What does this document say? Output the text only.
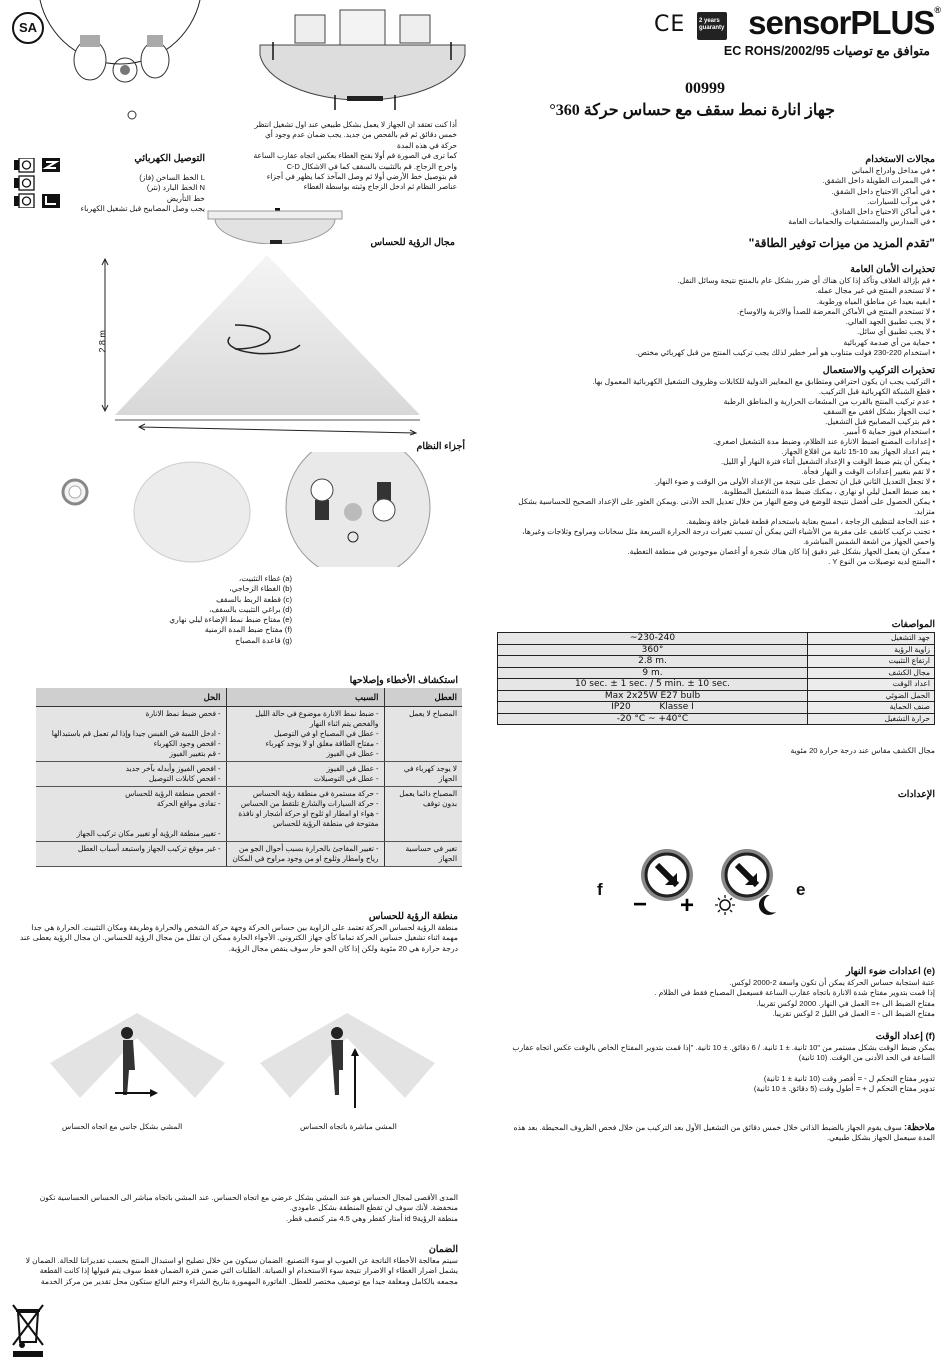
SA	CE	2 years guaranty sensorPLUS®
متوافق مع توصيات 2002/95/EC ROHS
00999
جهاز انارة نمط سقف مع حساس حركة 360°
مجالات الاستخدام
• في مداخل وادراج المباني
• في الممرات الطويلة داخل الشقق.
• في أماكن الاحتياج داخل الشقق.
• في مرآب للسيارات.
• في أماكن الاحتياج داخل الفنادق.
• في المدارس والمستشفيات والحمامات العامة
"تقدم المزيد من ميزات توفير الطاقة"
تحذيرات الأمان العامة
• قم بإزالة الغلاف وتأكد إذا كان هناك أي ضرر بشكل عام بالمنتج نتيجة وسائل النقل.
• لا تستخدم المنتج في غير مجال عمله.
• ابقيه بعيدا عن مناطق المياه ورطوبة.
• لا تستخدم المنتج في الأماكن المعرضة للصدأ والاتربة والاوساخ.
• لا يجب تطبيق الجهد العالي.
• لا يجب تطبيق أي سائل.
• حماية من أي صدمة كهربائية
• استخدام 220-230 فولت متناوب هو أمر خطير لذلك يجب تركيب المنتج من قبل كهربائي مختص.
تحذيرات التركيب والاستعمال
• التركيب يجب ان يكون احترافي ومتطابق مع المعايير الدولية للكابلات وظروف التشغيل الكهربائية المعمول بها.
• قطع الشبكة الكهربائية قبل التركيب.
• عدم تركيب المنتج بالقرب من المشعات الحرارية و المناطق الرطبة
• ثبت الجهاز بشكل افقي مع السقف
• قم بتركيب المصابيح قبل التشغيل.
• استخدام فيوز حماية 6 أمبير.
• إعدادات المصنع اضبط الانارة عند الظلام، وضبط مدة التشغيل اصغري.
• يتم اعداد الجهاز بعد 10-15 ثانية من اقلاع الجهاز.
• يمكن أن يتم ضبط الوقت و الإعداد التشغيل أثناء فترة النهار أو الليل.
• لا تقم بتغيير إعدادات الوقت و النهار فجأة.
• لا تجعل التعديل الثاني قبل ان تحصل على نتيجة من الإعداد الأولى من الوقت و ضوء النهار.
• بعد ضبط العمل ليلي او نهاري ، يمكنك ضبط مدة التشغيل المطلوبة.
• يمكن الحصول على أفضل نتيجة للوضع في وضع النهار من خلال تعديل الحد الأدنى .ويمكن العثور على الإعداد الصحيح للحساسية بشكل متزايد.
• عند الحاجة لتنظيف الزجاجة ، امسح بعناية باستخدام قطعة قماش جافة ونظيفة.
• تجنب تركيب كاشف على مقربة من الأشياء التي يمكن أن تسبب تغيرات درجة الحرارة السريعة مثل سخانات ومراوح وثلاجات وغيرها، واحمي الجهاز من اشعة الشمس المباشرة.
• ممكن ان يعمل الجهاز بشكل غير دقيق إذا كان هناك شجرة أو أغصان موجودين في منطقة التغطية.
• المنتج لديه توصيلات من النوع Y .
المواصفات
~230-240	جهد التشغيل
360°	زاوية الرؤية
2.8 m.	ارتفاع التثبيت
9 m.	مجال الكشف
10 sec. ± 1 sec. / 5 min. ± 10 sec.	اعداد الوقت
Max 2x25W E27 bulb	الحمل الضوئي
IP20          Klasse I	صنف الحماية
-20 °C ~ +40°C	حرارة التشغيل
مجال الكشف مقاس عند درجة حرارة 20 مئوية
الإعدادات
f	e
− +
(e) اعدادات ضوء النهار
عتبة استجابة حساس الحركة يمكن أن تكون واسعة 2-2000 لوكس.
إذا قمت بتدوير مفتاح شدة الانارة باتجاه عقارب الساعة فسيعمل المصباح فقط في الظلام .
مفتاح الضبط الى += العمل في النهار. 2000 لوكس تقريبا.
مفتاح الضبط الى - = العمل في الليل 2 لوكس تقريبا.
(f) إعداد الوقت

يمكن ضبط الوقت بشكل مستمر من "10 ثانية. ± 1 ثانية. / 6 دقائق. ± 10 ثانية. "إذا قمت بتدوير المفتاح الخاص بالوقت عكس اتجاه عقارب الساعة في الحد الأدنى من الوقت. (10 ثانية)

تدوير مفتاح التحكم ل - = أقصر وقت (10 ثانية ± 1 ثانية)

تدوير مفتاح التحكم ل + = أطول وقت (5 دقائق. ± 10 ثانية)

ملاحظة: سوف يقوم الجهاز بالضبط الذاتي خلال خمس دقائق من التشغيل الأول بعد التركيب من خلال فحص الظروف المحيطة. بعد هذه المدة سيعمل الجهاز بشكل طبيعي.

أذا كنت تعتقد ان الجهاز لا يعمل بشكل طبيعي عند اول تشغيل انتظر خمس دقائق ثم قم بالفحص من جديد. يجب ضمان عدم وجود أي حركة في هذه المدة

كما ترى في الصورة قم أولا بفتح الغطاء بعكس اتجاه عقارب الساعة واخرج الزجاج. قم بالتثبيت بالسقف كما في الاشكال C-D

قم بتوصيل خط الأرضي أولا ثم وصل المآخذ كما يظهر في أجزاء عناصر النظام ثم ادخل الزجاج وثبته بواسطة الغطاء

التوصيل الكهربائي
L الخط الساخن (فاز)
N الخط البارد (نتر)
خط التأريض
يجب وصل المصابيح قبل تشغيل الكهرباء
مجال الرؤية للحساس
2.8 m.
أجزاء النظام
(a) غطاء التثبيت،
(b) الغطاء الزجاجي،
(c) قطعة الربط بالسقف
(d) براغي التثبيت بالسقف،
(e) مفتاح ضبط نمط الإضاءة ليلي نهاري
(f) مفتاح ضبط المدة الزمنية
(g) قاعدة المصباح
استكشاف الأخطاء وإصلاحها
العطل	السبب	الحل
المصباح لا يعمل	- ضبط نمط الانارة موضوع في حالة الليل والفحص يتم اثناء النهار
- عطل في المصباح او في التوصيل
- مفتاح الطاقة مغلق او لا يوجد كهرباء
- عطل في الفيوز	- فحص ضبط نمط الانارة

- ادخل اللمبة في القبس جيدا وإذا لم تعمل قم باستبدالها
- افحص وجود الكهرباء
- قم بتغيير الفيوز
لا يوجد كهرباء في الجهاز	- عطل في الفيوز
- عطل في التوصيلات	- افحص الفيوز وأبدله بآخر جديد
- افحص كابلات التوصيل
المصباح دائما يعمل بدون توقف	- حركة مستمرة في منطقة رؤية الحساس
- حركة السيارات والشارع تلتقط من الحساس
- هواء او امطار او ثلوج او حركة أشجار او نافذة مفتوحة في منطقة الرؤية للحساس	- افحص منطقة الرؤية للحساس
- تفادى مواقع الحركة

- تغيير منطقة الرؤية أو تغيير مكان تركيب الجهاز
تغير في حساسية الجهاز	- تغيير المفاجئ بالحرارة بسبب أحوال الجو من رياح وامطار وثلوج او من وجود مراوح في المكان	- غير موقع تركيب الجهاز واستبعد أسباب العطل
منطقة الرؤية للحساس

منطقة الرؤية لحساس الحركة تعتمد على الزاوية بين حساس الحركة وجهة حركة الشخص والحرارة وطريقة ومكان التثبيت. الحرارة هي جدا مهمة اثناء تشغيل حساس الحركة تماما كأي جهاز الكتروني. الأجواء الحارة ممكن ان تقلل من مجال الرؤية للحساس. ان مجال الرؤية يعطى عند درجة حرارة هي 20 مئوية ولكن إذا كان الجو حار سوف ينقص مجال الرؤية.

المشي بشكل جانبي مع اتجاه الحساس	المشي مباشرة باتجاه الحساس

المدى الأقصى لمجال الحساس هو عند المشي بشكل عرضي مع اتجاه الحساس. عند المشي باتجاه مباشر الى الحساس الحساسية تكون منخفضة. لأنك سوف لن تقطع المنطقة بشكل عامودي.

منطقة الرؤيةid 9 أمتار كقطر وهي 4.5 متر كنصف قطر.

الضمان

سيتم معالجة الأخطاء الناتجة عن العيوب او سوء التصنيع. الضمان سيكون من خلال تصليح او استبدال المنتج بحسب تقديراتنا للحالة. الضمان لا يشمل اضرار الغطاء او الاضرار نتيجة سوء الاستخدام او الصيانة. الطلبات التي ضمن فترة الضمان فقط سوف يتم قبولها إذا كانت القطعة مجمعه بالكامل ومغلفة جيدا مع توصيف مختصر للعطل. الفاتورة المهمورة بتاريخ الشراء وختم البائع ستكون محل تقدير من مركز الخدمة
